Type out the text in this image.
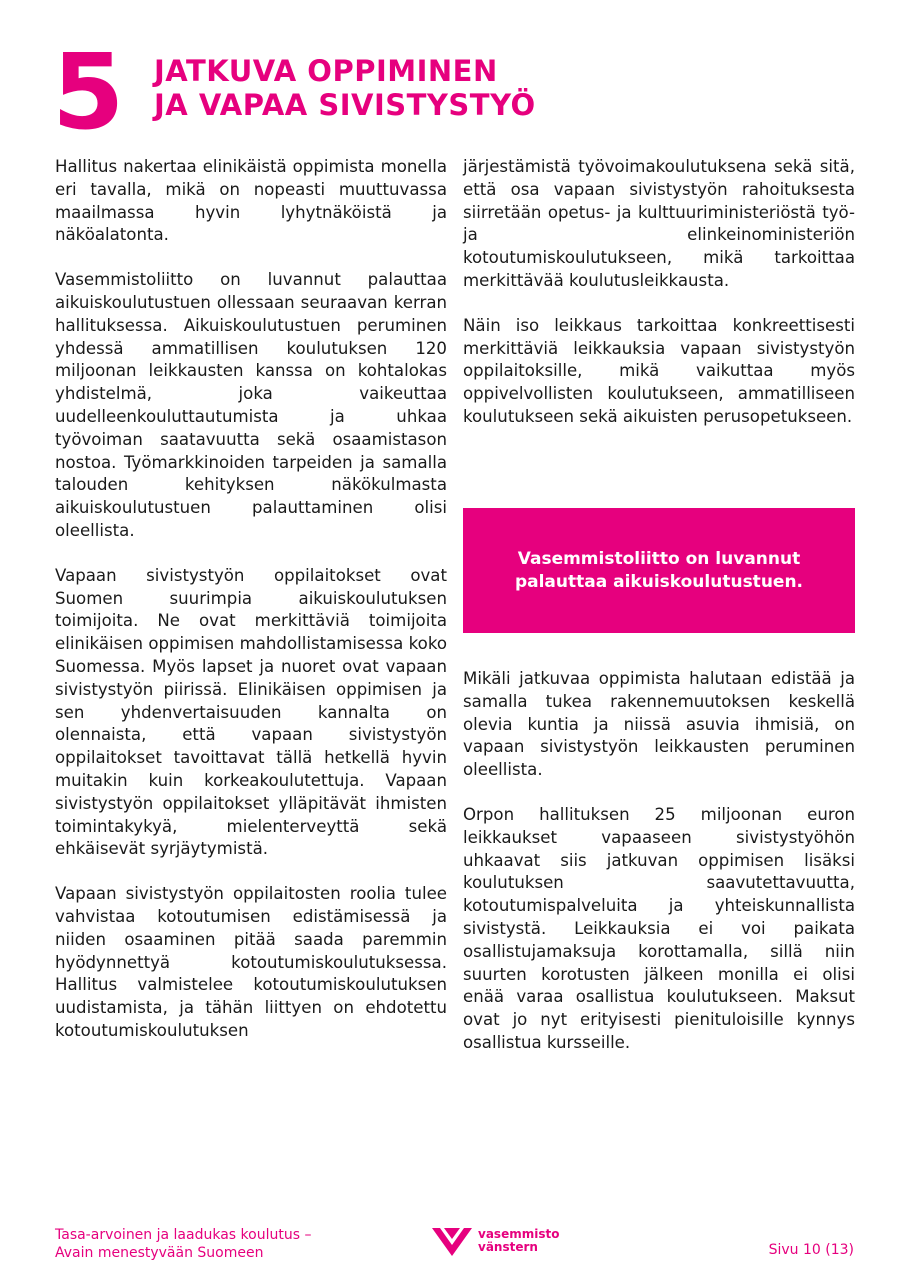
5 JATKUVA OPPIMINEN
JA VAPAA SIVISTYSTYÖ

Hallitus nakertaa elinikäistä oppimista monella eri tavalla, mikä on nopeasti muuttuvassa maailmassa hyvin lyhytnäköistä ja näköalatonta.

Vasemmistoliitto on luvannut palauttaa aikuiskoulutustuen ollessaan seuraavan kerran hallituksessa. Aikuiskoulutustuen peruminen yhdessä ammatillisen koulutuksen 120 miljoonan leikkausten kanssa on kohtalokas yhdistelmä, joka vaikeuttaa uudelleenkouluttautumista ja uhkaa työvoiman saatavuutta sekä osaamistason nostoa. Työmarkkinoiden tarpeiden ja samalla talouden kehityksen näkökulmasta aikuiskoulutustuen palauttaminen olisi oleellista.

Vapaan sivistystyön oppilaitokset ovat Suomen suurimpia aikuiskoulutuksen toimijoita. Ne ovat merkittäviä toimijoita elinikäisen oppimisen mahdollistamisessa koko Suomessa. Myös lapset ja nuoret ovat vapaan sivistystyön piirissä. Elinikäisen oppimisen ja sen yhdenvertaisuuden kannalta on olennaista, että vapaan sivistystyön oppilaitokset tavoittavat tällä hetkellä hyvin muitakin kuin korkeakoulutettuja. Vapaan sivistystyön oppilaitokset ylläpitävät ihmisten toimintakykyä, mielenterveyttä sekä ehkäisevät syrjäytymistä.

Vapaan sivistystyön oppilaitosten roolia tulee vahvistaa kotoutumisen edistämisessä ja niiden osaaminen pitää saada paremmin hyödynnettyä kotoutumiskoulutuksessa. Hallitus valmistelee kotoutumiskoulutuksen uudistamista, ja tähän liittyen on ehdotettu kotoutumiskoulutuksen

järjestämistä työvoimakoulutuksena sekä sitä, että osa vapaan sivistystyön rahoituksesta siirretään opetus- ja kulttuuriministeriöstä työ- ja elinkeinoministeriön kotoutumiskoulutukseen, mikä tarkoittaa merkittävää koulutusleikkausta.

Näin iso leikkaus tarkoittaa konkreettisesti merkittäviä leikkauksia vapaan sivistystyön oppilaitoksille, mikä vaikuttaa myös oppivelvollisten koulutukseen, ammatilliseen koulutukseen sekä aikuisten perusopetukseen.

Vasemmistoliitto on luvannut palauttaa aikuiskoulutustuen.

Mikäli jatkuvaa oppimista halutaan edistää ja samalla tukea rakennemuutoksen keskellä olevia kuntia ja niissä asuvia ihmisiä, on vapaan sivistystyön leikkausten peruminen oleellista.

Orpon hallituksen 25 miljoonan euron leikkaukset vapaaseen sivistystyöhön uhkaavat siis jatkuvan oppimisen lisäksi koulutuksen saavutettavuutta, kotoutumispalveluita ja yhteiskunnallista sivistystä. Leikkauksia ei voi paikata osallistujamaksuja korottamalla, sillä niin suurten korotusten jälkeen monilla ei olisi enää varaa osallistua koulutukseen. Maksut ovat jo nyt erityisesti pienituloisille kynnys osallistua kursseille.

Tasa-arvoinen ja laadukas koulutus –
Avain menestyvään Suomeen
vasemmisto
vänstern	Sivu 10 (13)
